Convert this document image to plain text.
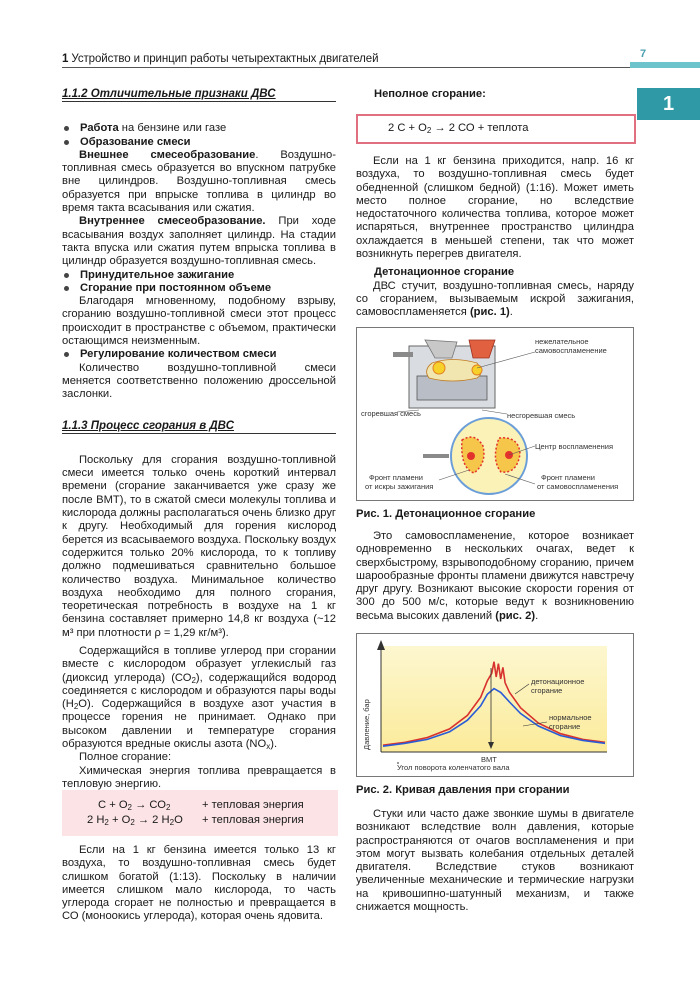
1 Устройство и принцип работы четырехтактных двигателей	7
1
1.1.2 Отличительные признаки ДВС
Работа на бензине или газе
Образование смеси

Внешнее смесеобразование. Воздушно-топливная смесь образуется во впускном патрубке вне цилиндров. Воздушно-топливная смесь образуется при впрыске топлива в цилиндр во время такта всасывания или сжатия.

Внутреннее смесеобразование. При ходе всасывания воздух заполняет цилиндр. На стадии такта впуска или сжатия путем впрыска топлива в цилиндр образуется воздушно-топливная смесь.

Принудительное зажигание
Сгорание при постоянном объеме

Благодаря мгновенному, подобному взрыву, сгоранию воздушно-топливной смеси этот процесс происходит в пространстве с объемом, практически остающимся неизменным.

Регулирование количеством смеси

Количество воздушно-топливной смеси меняется соответственно положению дроссельной заслонки.

1.1.3 Процесс сгорания в ДВС

Поскольку для сгорания воздушно-топливной смеси имеется только очень короткий интервал времени (сгорание заканчивается уже сразу же после ВМТ), то в сжатой смеси молекулы топлива и кислорода должны располагаться очень близко друг к другу. Необходимый для горения кислород берется из всасываемого воздуха. Поскольку воздух содержится только 20% кислорода, то к топливу должно подмешиваться сравнительно большое количество воздуха. Минимальное количество воздуха необходимо для полного сгорания, теоретическая потребность в воздухе на 1 кг бензина составляет примерно 14,8 кг воздуха (~12 м³ при плотности ρ = 1,29 кг/м³).

Содержащийся в топливе углерод при сгорании вместе с кислородом образует углекислый газ (диоксид углерода) $(СО_2)$, содержащийся водород соединяется с кислородом и образуются пары воды $(Н_2О)$. Содержащийся в воздухе азот участия в процессе горения не принимает. Однако при высоком давлении и температуре сгорания образуются вредные окислы азота $(NO_x)$.

Полное сгорание:

Химическая энергия топлива превращается в тепловую энергию.

$С + О_2 \to СО_2$	+ тепловая энергия
2 $Н_2 + О_2 \to 2$ $Н_2О$ + тепловая энергия

Если на 1 кг бензина имеется только 13 кг воздуха, то воздушно-топливная смесь будет слишком богатой (1:13). Поскольку в наличии имеется слишком мало кислорода, то часть углерода сгорает не полностью и превращается в СО (моноокись углерода), которая очень ядовита.

Неполное сгорание:
2 $С + О_2 \to 2$ СО + теплота

Если на 1 кг бензина приходится, напр. 16 кг воздуха, то воздушно-топливная смесь будет обедненной (слишком бедной) (1:16). Может иметь место полное сгорание, но вследствие недостаточного количества топлива, которое может испаряться, внутреннее пространство цилиндра охлаждается в меньшей степени, так что может возникнуть перегрев двигателя.

Детонационное сгорание

ДВС стучит, воздушно-топливная смесь, наряду со сгоранием, вызываемым искрой зажигания, самовоспламеняется (рис. 1).

нежелательное самовоспламенение
сгоревшая смесь	несгоревшая смесь
Центр воспламенения
Фронт пламени от искры зажигания
Фронт пламени от самовоспламенения
Рис. 1. Детонационное сгорание

Это самовоспламенение, которое возникает одновременно в нескольких очагах, ведет к сверхбыстрому, взрывоподобному сгоранию, причем шарообразные фронты пламени движутся навстречу друг другу. Возникают высокие скорости горения от 300 до 500 м/с, которые ведут к возникновению весьма высоких давлений (рис. 2).

Давление, бар
Угол поворота коленчатого вала
ВМТ
детонационное сгорание
нормальное сгорание
Рис. 2. Кривая давления при сгорании

Стуки или часто даже звонкие шумы в двигателе возникают вследствие волн давления, которые распространяются от очагов воспламенения и при этом могут вызвать колебания отдельных деталей двигателя. Вследствие стуков возникают увеличенные механические и термические нагрузки на кривошипно-шатунный механизм, и также снижается мощность.
